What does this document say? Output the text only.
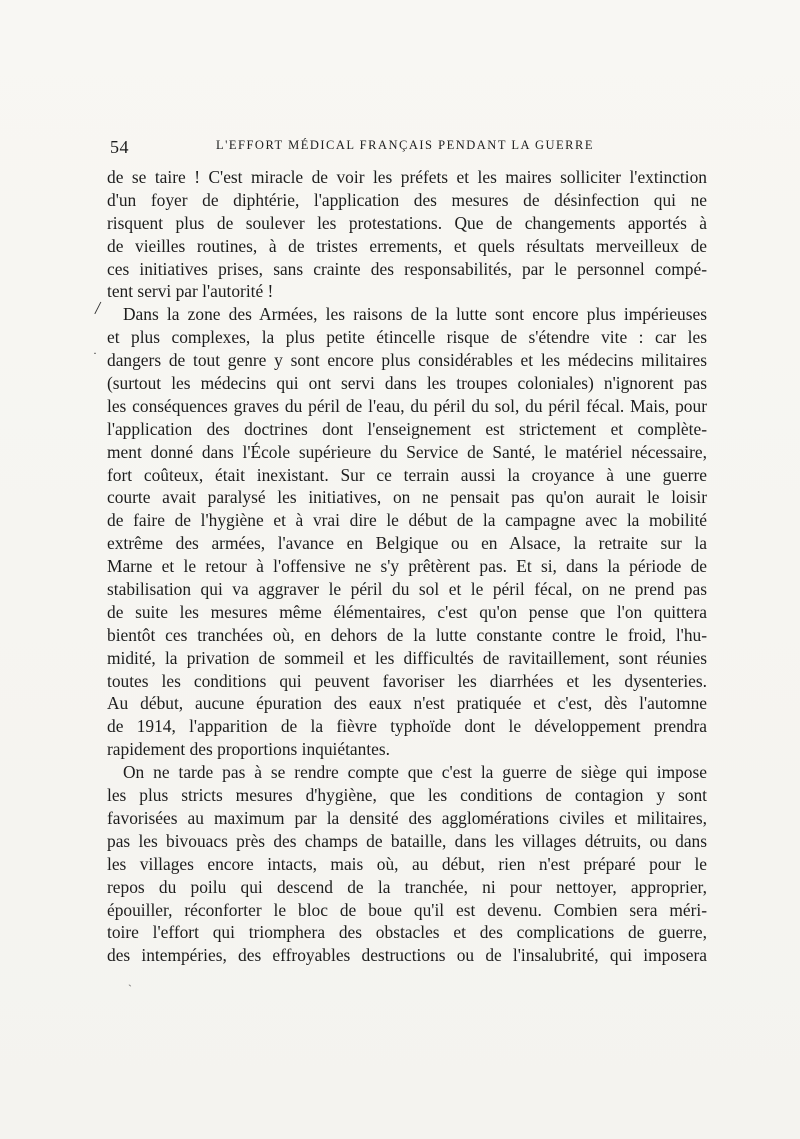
54	L'EFFORT MÉDICAL FRANÇAIS PENDANT LA GUERRE
/
·
`
de se taire ! C'est miracle de voir les préfets et les maires solliciter l'extinction
d'un foyer de diphtérie, l'application des mesures de désinfection qui ne
risquent plus de soulever les protestations. Que de changements apportés à
de vieilles routines, à de tristes errements, et quels résultats merveilleux de
ces initiatives prises, sans crainte des responsabilités, par le personnel compé-
tent servi par l'autorité !
Dans la zone des Armées, les raisons de la lutte sont encore plus impérieuses
et plus complexes, la plus petite étincelle risque de s'étendre vite : car les
dangers de tout genre y sont encore plus considérables et les médecins militaires
(surtout les médecins qui ont servi dans les troupes coloniales) n'ignorent pas
les conséquences graves du péril de l'eau, du péril du sol, du péril fécal. Mais, pour
l'application des doctrines dont l'enseignement est strictement et complète-
ment donné dans l'École supérieure du Service de Santé, le matériel nécessaire,
fort coûteux, était inexistant. Sur ce terrain aussi la croyance à une guerre
courte avait paralysé les initiatives, on ne pensait pas qu'on aurait le loisir
de faire de l'hygiène et à vrai dire le début de la campagne avec la mobilité
extrême des armées, l'avance en Belgique ou en Alsace, la retraite sur la
Marne et le retour à l'offensive ne s'y prêtèrent pas. Et si, dans la période de
stabilisation qui va aggraver le péril du sol et le péril fécal, on ne prend pas
de suite les mesures même élémentaires, c'est qu'on pense que l'on quittera
bientôt ces tranchées où, en dehors de la lutte constante contre le froid, l'hu-
midité, la privation de sommeil et les difficultés de ravitaillement, sont réunies
toutes les conditions qui peuvent favoriser les diarrhées et les dysenteries.
Au début, aucune épuration des eaux n'est pratiquée et c'est, dès l'automne
de 1914, l'apparition de la fièvre typhoïde dont le développement prendra
rapidement des proportions inquiétantes.
On ne tarde pas à se rendre compte que c'est la guerre de siège qui impose
les plus stricts mesures d'hygiène, que les conditions de contagion y sont
favorisées au maximum par la densité des agglomérations civiles et militaires,
pas les bivouacs près des champs de bataille, dans les villages détruits, ou dans
les villages encore intacts, mais où, au début, rien n'est préparé pour le
repos du poilu qui descend de la tranchée, ni pour nettoyer, approprier,
épouiller, réconforter le bloc de boue qu'il est devenu. Combien sera méri-
toire l'effort qui triomphera des obstacles et des complications de guerre,
des intempéries, des effroyables destructions ou de l'insalubrité, qui imposera
